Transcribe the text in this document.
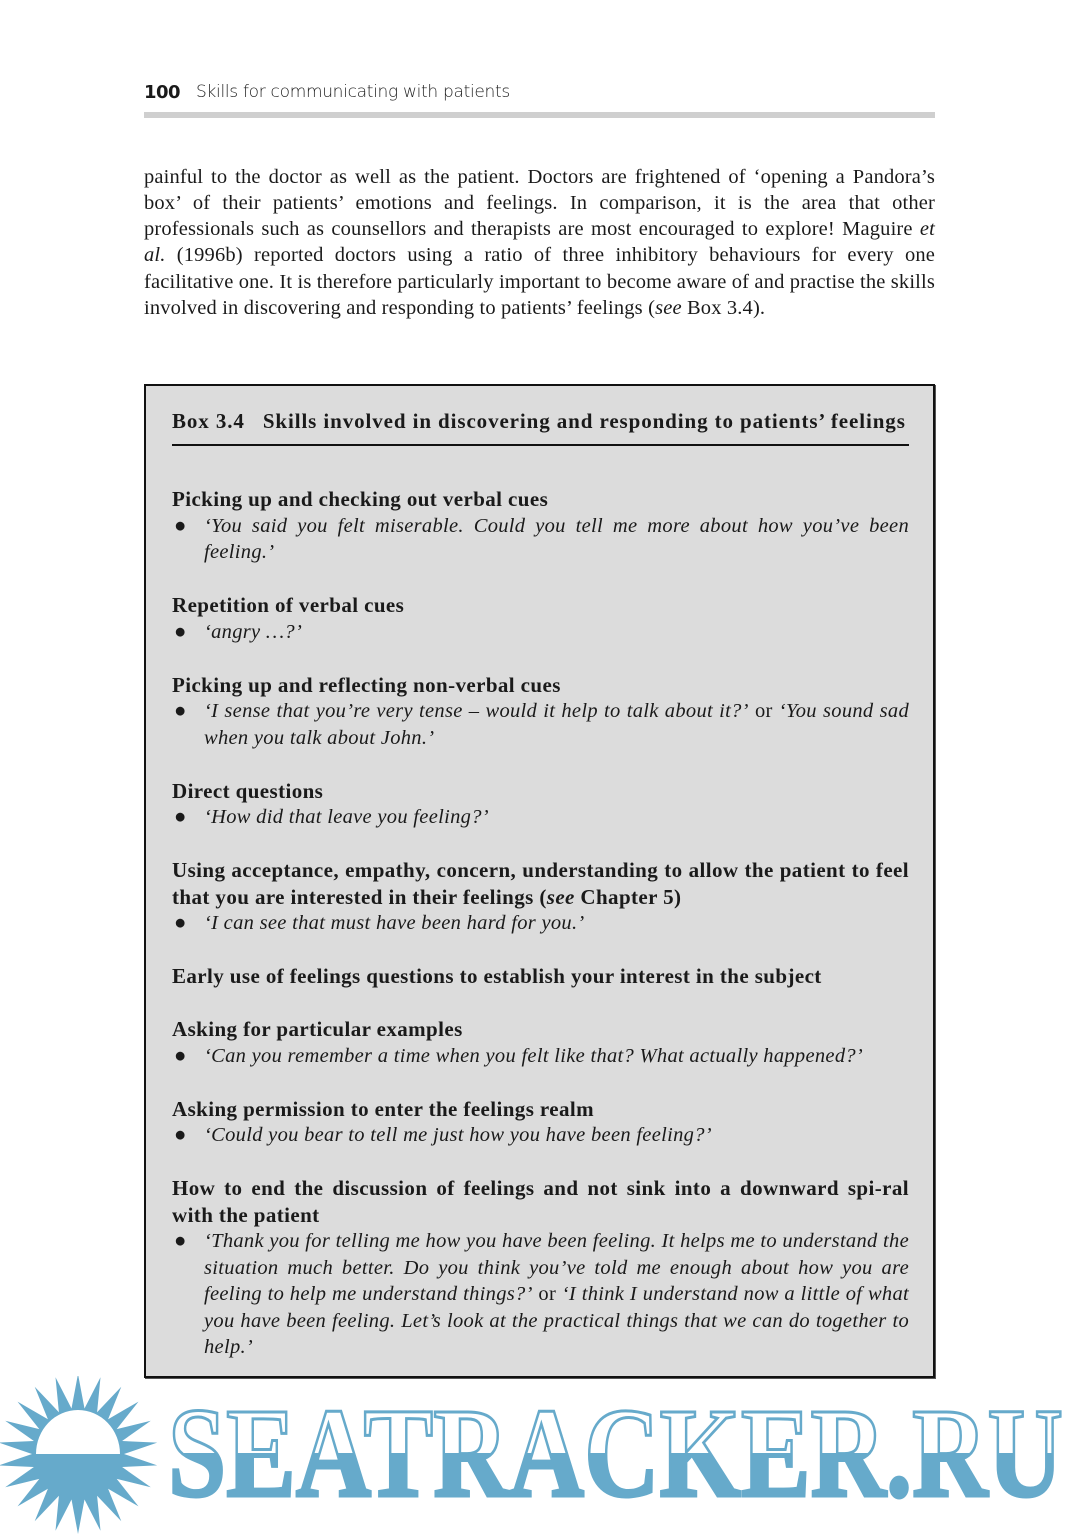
100 Skills for communicating with patients

painful to the doctor as well as the patient. Doctors are frightened of ‘opening a Pandora’s box’ of their patients’ emotions and feelings. In comparison, it is the area that other professionals such as counsellors and therapists are most encouraged to explore! Maguire et al. (1996b) reported doctors using a ratio of three inhibitory behaviours for every one facilitative one. It is therefore particularly important to become aware of and practise the skills involved in discovering and responding to patients’ feelings (see Box 3.4).

Box 3.4 Skills involved in discovering and responding to patients’ feelings
Picking up and checking out verbal cues
● ‘You said you felt miserable. Could you tell me more about how you’ve been feeling.’
Repetition of verbal cues
● ‘angry …?’
Picking up and reflecting non-verbal cues
● ‘I sense that you’re very tense – would it help to talk about it?’ or ‘You sound sad when you talk about John.’
Direct questions
● ‘How did that leave you feeling?’
Using acceptance, empathy, concern, understanding to allow the patient to feel that you are interested in their feelings (see Chapter 5)
● ‘I can see that must have been hard for you.’
Early use of feelings questions to establish your interest in the subject
Asking for particular examples
● ‘Can you remember a time when you felt like that? What actually happened?’
Asking permission to enter the feelings realm
● ‘Could you bear to tell me just how you have been feeling?’
How to end the discussion of feelings and not sink into a downward spi-ral with the patient
● ‘Thank you for telling me how you have been feeling. It helps me to understand the situation much better. Do you think you’ve told me enough about how you are feeling to help me understand things?’ or ‘I think I understand now a little of what you have been feeling. Let’s look at the practical things that we can do together to help.’
SEATRACKER.RU
